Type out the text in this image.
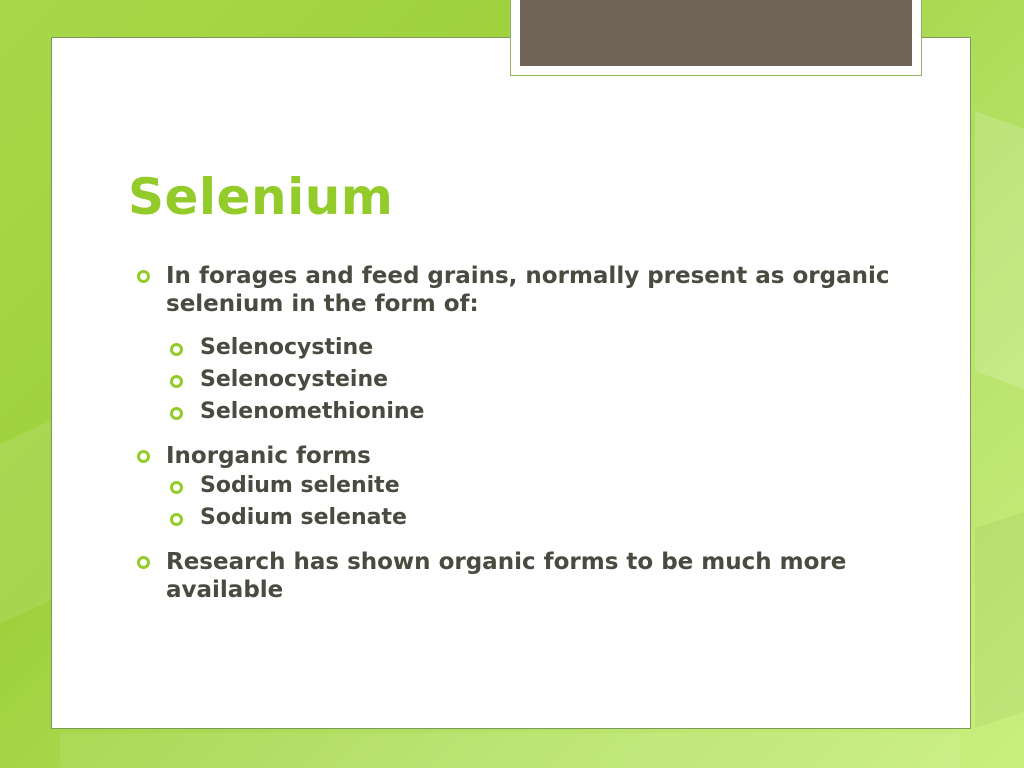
Selenium
In forages and feed grains, normally present as organic selenium in the form of:
Selenocystine
Selenocysteine
Selenomethionine
Inorganic forms
Sodium selenite
Sodium selenate
Research has shown organic forms to be much more available
